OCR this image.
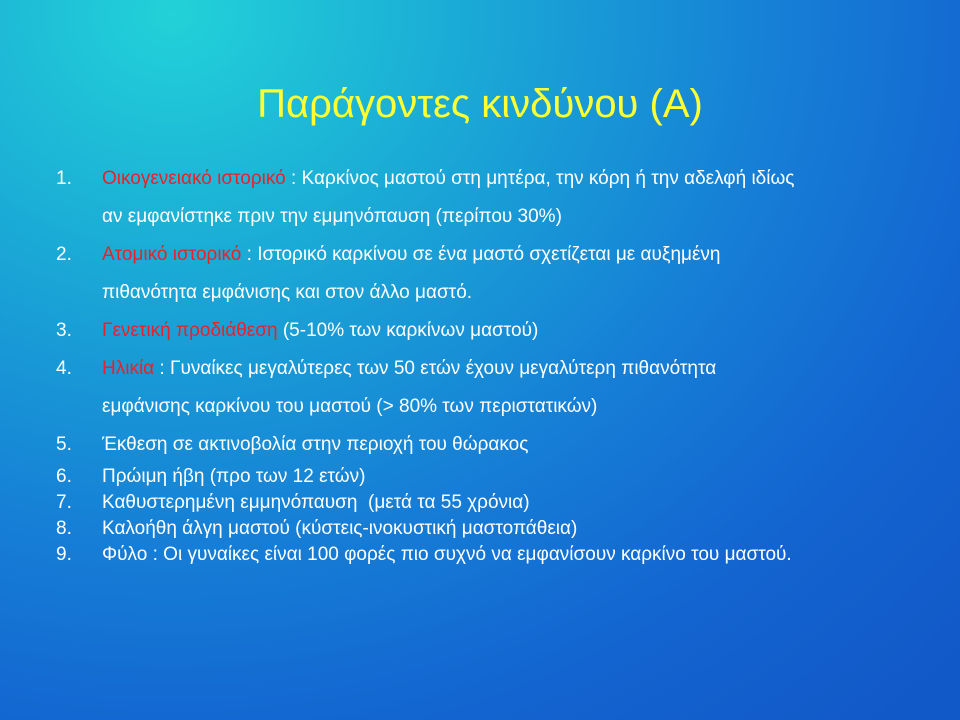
Παράγοντες κινδύνου (Α)
1.	Οικογενειακό ιστορικό : Καρκίνος μαστού στη μητέρα, την κόρη ή την αδελφή ιδίως
αν εμφανίστηκε πριν την εμμηνόπαυση (περίπου 30%)
2.	Ατομικό ιστορικό : Ιστορικό καρκίνου σε ένα μαστό σχετίζεται με αυξημένη
πιθανότητα εμφάνισης και στον άλλο μαστό.
3.	Γενετική προδιάθεση (5-10% των καρκίνων μαστού)
4.	Ηλικία : Γυναίκες μεγαλύτερες των 50 ετών έχουν μεγαλύτερη πιθανότητα
εμφάνισης καρκίνου του μαστού (> 80% των περιστατικών)
5.	Έκθεση σε ακτινοβολία στην περιοχή του θώρακος
6.	Πρώιμη ήβη (προ των 12 ετών)
7.	Καθυστερημένη εμμηνόπαυση  (μετά τα 55 χρόνια)
8.	Καλοήθη άλγη μαστού (κύστεις-ινοκυστική μαστοπάθεια)
9.	Φύλο : Οι γυναίκες είναι 100 φορές πιο συχνό να εμφανίσουν καρκίνο του μαστού.
